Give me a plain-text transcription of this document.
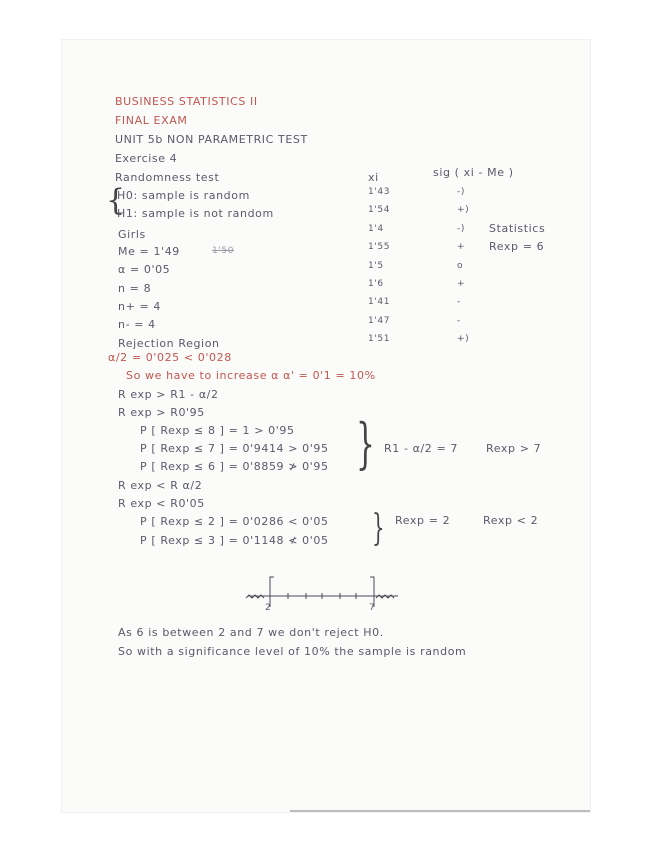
BUSINESS STATISTICS II
FINAL EXAM
UNIT 5b NON PARAMETRIC TEST
Exercise 4
Randomness test
{
H0: sample is random
H1: sample is not random
Girls
Me = 1'49	1'50
α = 0'05
n = 8
n+ = 4
n- = 4
Rejection Region
xi	sig ( xi - Me )
1'43	-)
1'54	+)
1'4	-)
1'55	+
1'5	o
1'6	+
1'41	-
1'47	-
1'51	+)
Statistics
Rexp = 6
α/2 = 0'025 < 0'028
So we have to increase α α' = 0'1 = 10%
R exp > R1 - α/2
R exp > R0'95
P [ Rexp ≤ 8 ] = 1 > 0'95
P [ Rexp ≤ 7 ] = 0'9414 > 0'95
P [ Rexp ≤ 6 ] = 0'8859 ≯ 0'95 } R1 - α/2 = 7	Rexp > 7
R exp < R α/2
R exp < R0'05
P [ Rexp ≤ 2 ] = 0'0286 < 0'05
P [ Rexp ≤ 3 ] = 0'1148 ≮ 0'05 } Rexp = 2	Rexp < 2
2	7
As 6 is between 2 and 7 we don't reject H0.
So with a significance level of 10% the sample is random
